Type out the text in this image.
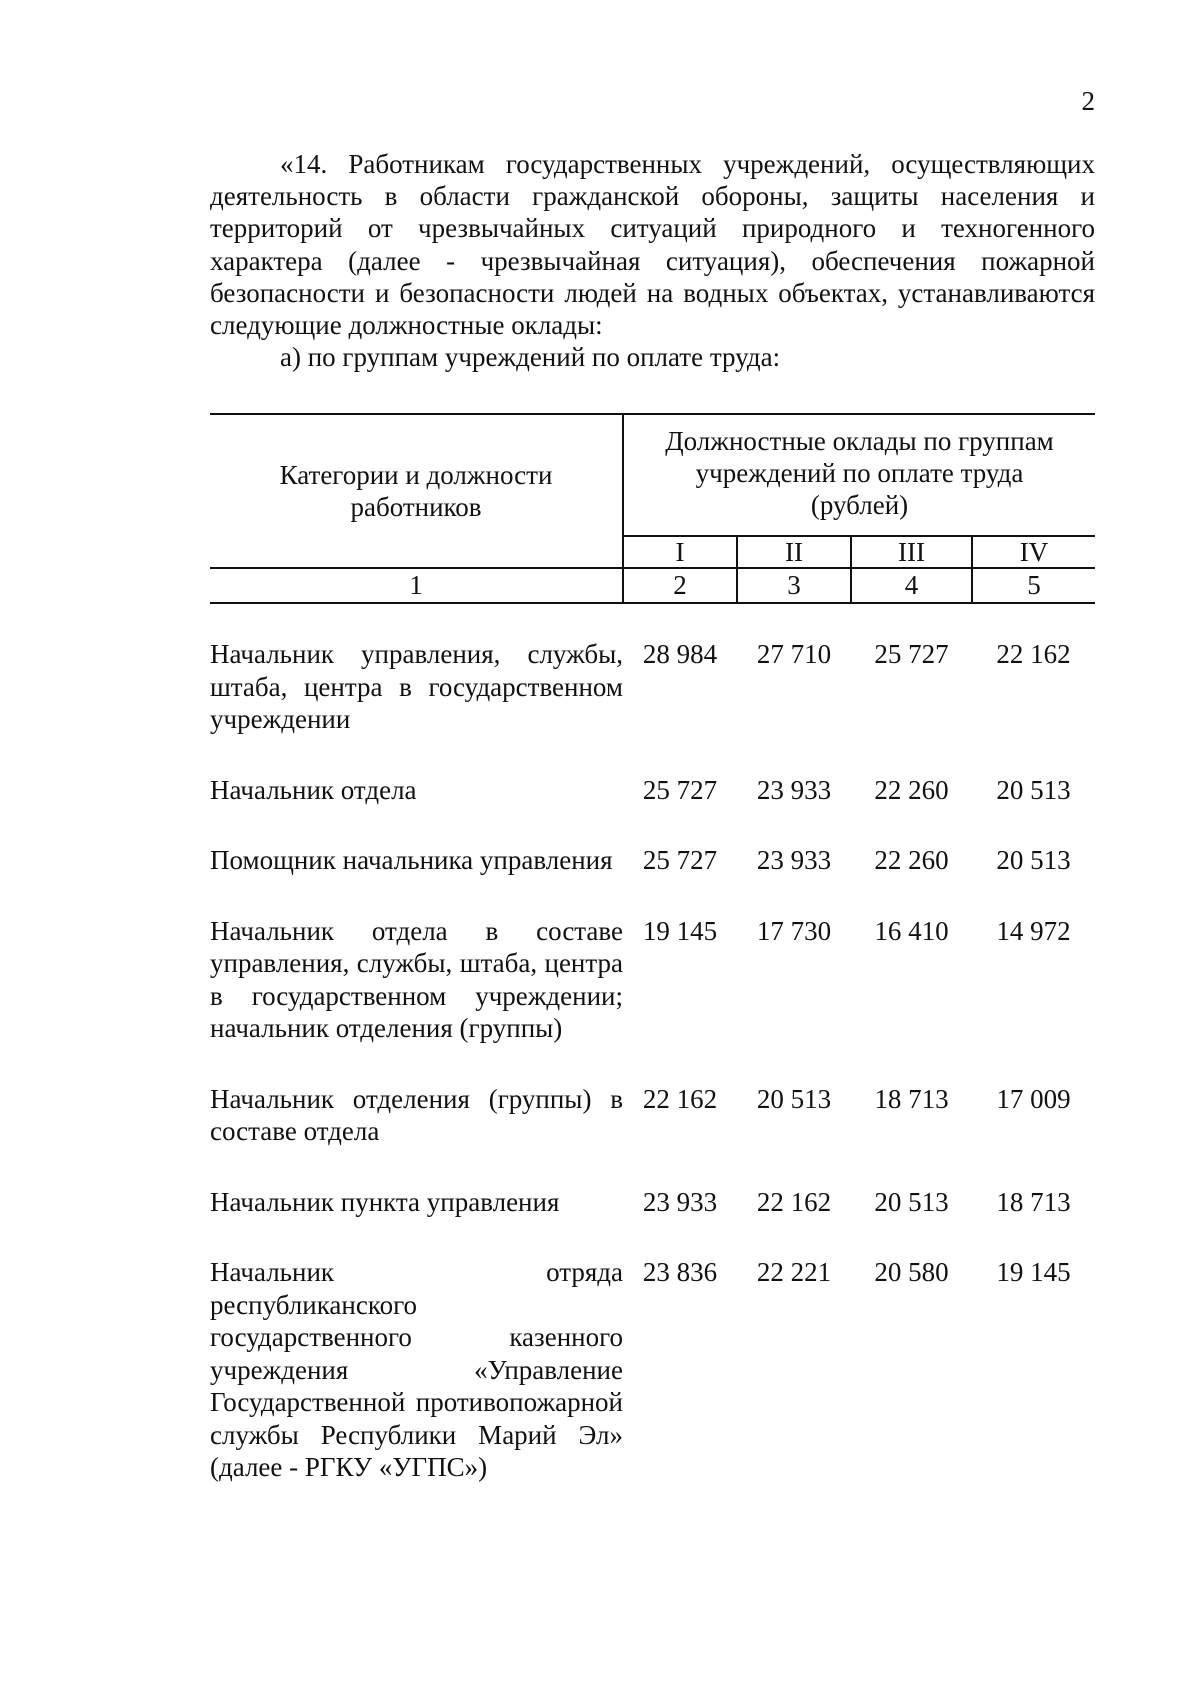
2

«14. Работникам государственных учреждений, осуществляющих деятельность в области гражданской обороны, защиты населения и территорий от чрезвычайных ситуаций природного и техногенного характера (далее - чрезвычайная ситуация), обеспечения пожарной безопасности и безопасности людей на водных объектах, устанавливаются следующие должностные оклады:

а) по группам учреждений по оплате труда:

Категории и должности работников	Должностные оклады по группам учреждений по оплате труда (рублей)			
	I	II	III	IV
1	2	3	4	5

Начальник управления, службы, штаба, центра в государственном учреждении	28 984	27 710	25 727	22 162
Начальник отдела	25 727	23 933	22 260	20 513
Помощник начальника управления	25 727	23 933	22 260	20 513
Начальник отдела в составе управления, службы, штаба, центра в государственном учреждении; начальник отделения (группы)	19 145	17 730	16 410	14 972
Начальник отделения (группы) в составе отдела	22 162	20 513	18 713	17 009
Начальник пункта управления	23 933	22 162	20 513	18 713
Начальник отряда республиканского государственного казенного учреждения «Управление Государственной противопожарной службы Республики Марий Эл» (далее - РГКУ «УГПС»)	23 836	22 221	20 580	19 145
